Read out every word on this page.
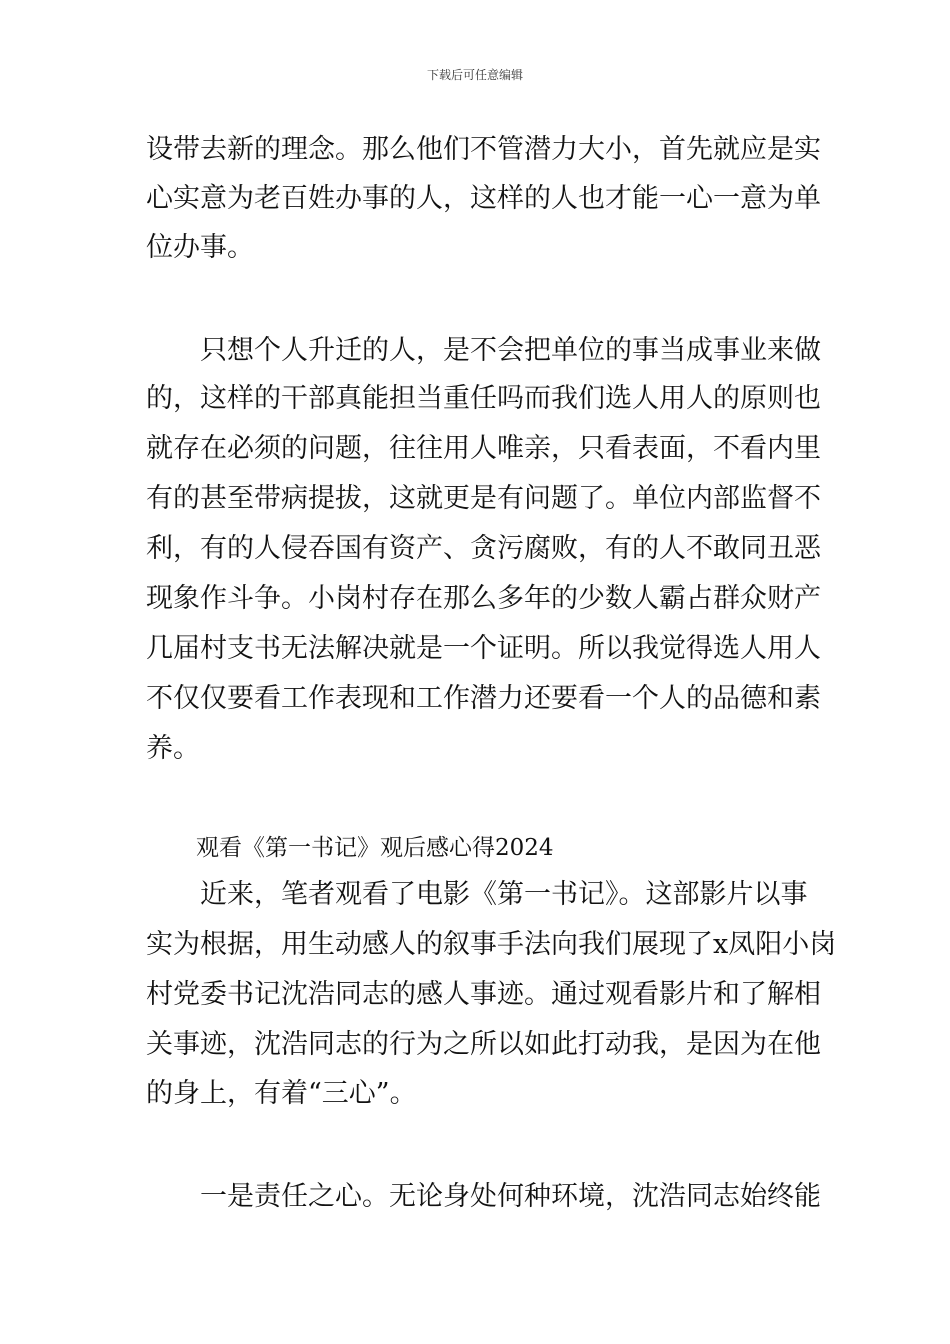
下载后可任意编辑

设带去新的理念。那么他们不管潜力大小，首先就应是实

心实意为老百姓办事的人，这样的人也才能一心一意为单

位办事。

只想个人升迁的人，是不会把单位的事当成事业来做

的，这样的干部真能担当重任吗而我们选人用人的原则也

就存在必须的问题，往往用人唯亲，只看表面，不看内里

有的甚至带病提拔，这就更是有问题了。单位内部监督不

利，有的人侵吞国有资产、贪污腐败，有的人不敢同丑恶

现象作斗争。小岗村存在那么多年的少数人霸占群众财产

几届村支书无法解决就是一个证明。所以我觉得选人用人

不仅仅要看工作表现和工作潜力还要看一个人的品德和素

养。

观看《第一书记》观后感心得2024

近来，笔者观看了电影《第一书记》。这部影片以事

实为根据，用生动感人的叙事手法向我们展现了x凤阳小岗

村党委书记沈浩同志的感人事迹。通过观看影片和了解相

关事迹，沈浩同志的行为之所以如此打动我，是因为在他

的身上，有着“三心”。

一是责任之心。无论身处何种环境，沈浩同志始终能
